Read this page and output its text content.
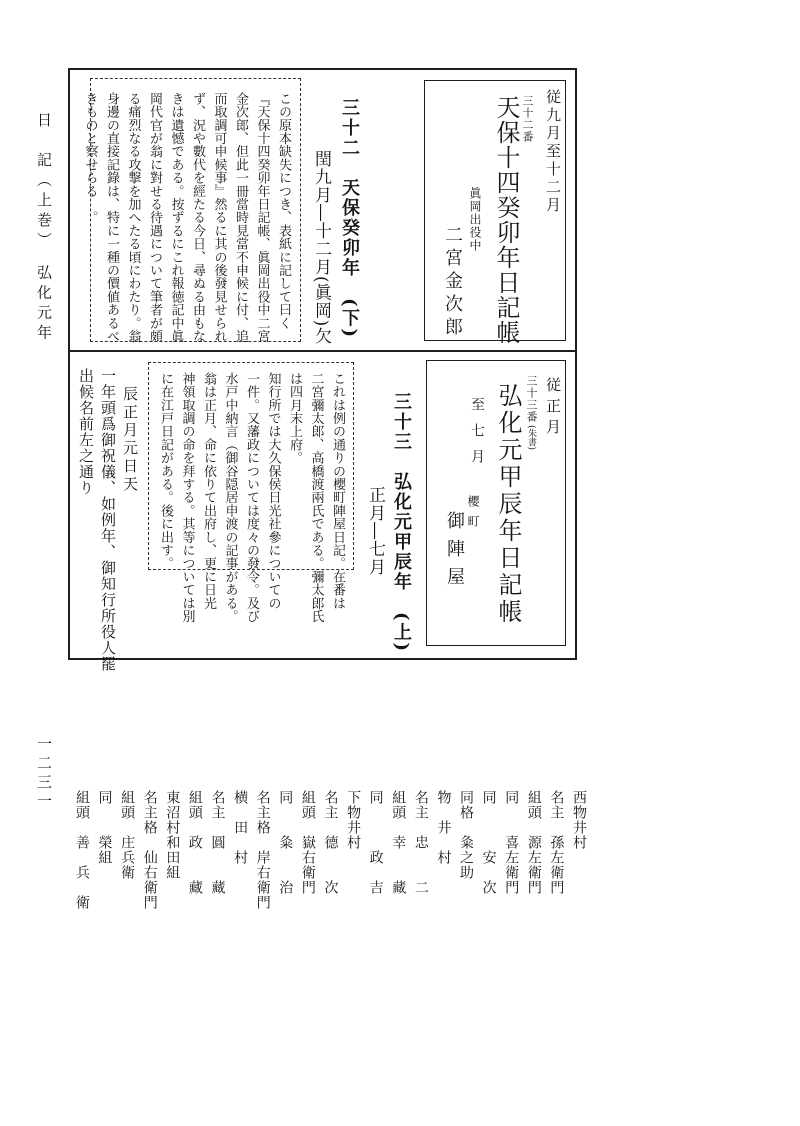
日　記（上巻）　弘化元年
一二三一
従九月至十二月
三十二番
天保十四癸卯年日記帳
眞岡出役中
二宮金次郎
三十二　天保癸卯年　(下)
閏九月―十二月(眞岡)欠
この原本缺失につき、表紙に記して曰く
『天保十四癸卯年日記帳、眞岡出役中二宮
金次郎、但此一冊當時見當不申候に付、追
而取調可申候事』然るに其の後發見せられ
ず、況や數代を經たる今日、尋ぬる由もな
きは遺憾である。按ずるにこれ報徳記中眞
岡代官が翁に對せる待遇について筆者が頗
る痛烈なる攻撃を加へたる頃にわたり。翁
身邊の直接記錄は、特に一種の價値あるべ
きものと察せらる　。
従正月
三十三番
(朱書)
弘化元甲辰年日記帳
至七月
櫻町
御陣屋
三十三　弘化元甲辰年　(上)
正月―七月
これは例の通りの櫻町陣屋日記。在番は
二宮彌太郎、高橋渡兩氏である。彌太郎氏
は四月末上府。
知行所では大久保侯日光社參についての
一件。又藩政については度々の發令。及び
水戸中納言（御谷隠居申渡の記事がある。
翁は正月、命に依りて出府し、更に日光
神領取調の命を拜する。其等については別
に在江戸日記がある。後に出す。
辰正月元日天
一年頭爲御祝儀、如例年、御知行所役人罷
出候名前左之通り
西物井村
名主　孫左衛門
組頭　源左衛門
同　　喜左衛門
同　　　安　次
同格　粂之助
物　井　村
名主　忠　　二
組頭　幸　　藏
同　　　政　吉
下物井村
名主　德　　次
組頭　嶽右衛門
同　　粂　　治
名主格　岸右衛門
横　田　村
名主　圓　　藏
組頭　政　　藏
東沼村和田組
名主格　仙右衛門
組頭　庄兵衛
同　　榮組
組頭　善　兵　衛
